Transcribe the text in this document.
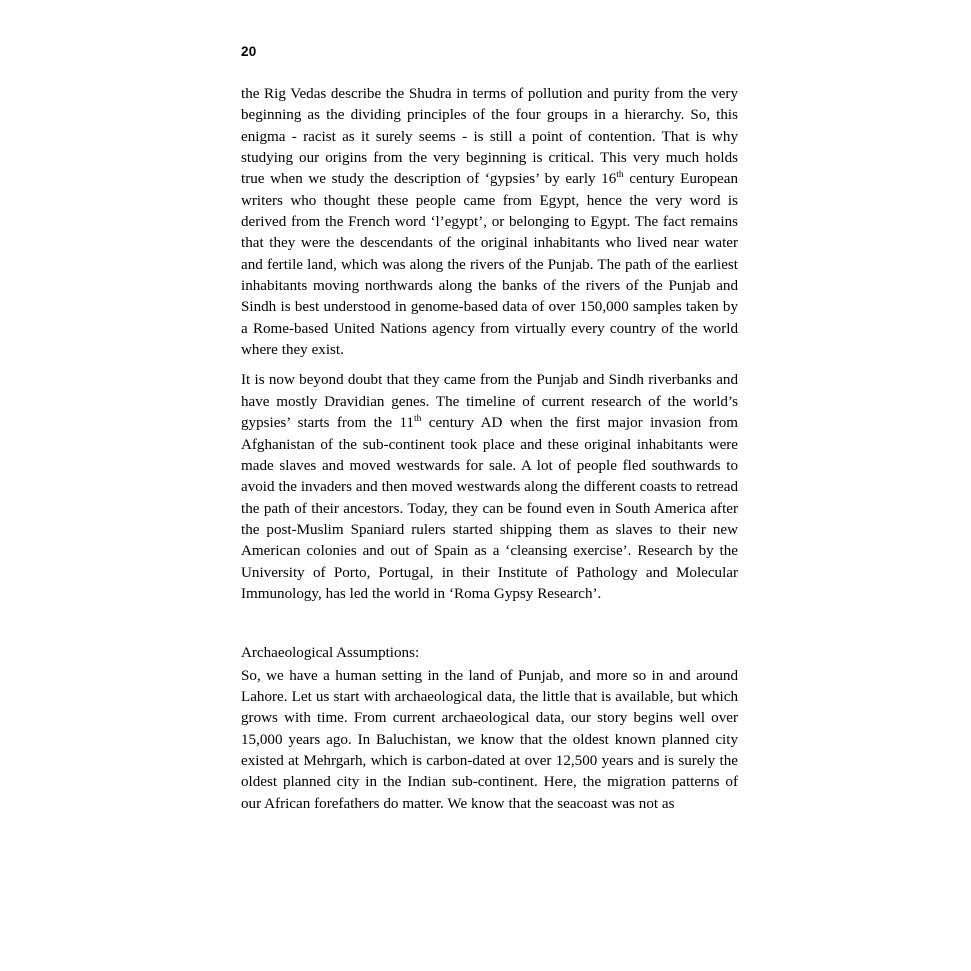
20

the Rig Vedas describe the Shudra in terms of pollution and purity from the very beginning as the dividing principles of the four groups in a hierarchy. So, this enigma - racist as it surely seems - is still a point of contention. That is why studying our origins from the very beginning is critical. This very much holds true when we study the description of ‘gypsies’ by early 16th century European writers who thought these people came from Egypt, hence the very word is derived from the French word ‘l’egypt’, or belonging to Egypt. The fact remains that they were the descendants of the original inhabitants who lived near water and fertile land, which was along the rivers of the Punjab. The path of the earliest inhabitants moving northwards along the banks of the rivers of the Punjab and Sindh is best understood in genome-based data of over 150,000 samples taken by a Rome-based United Nations agency from virtually every country of the world where they exist.

It is now beyond doubt that they came from the Punjab and Sindh riverbanks and have mostly Dravidian genes. The timeline of current research of the world’s gypsies’ starts from the 11th century AD when the first major invasion from Afghanistan of the sub-continent took place and these original inhabitants were made slaves and moved westwards for sale. A lot of people fled southwards to avoid the invaders and then moved westwards along the different coasts to retread the path of their ancestors. Today, they can be found even in South America after the post-Muslim Spaniard rulers started shipping them as slaves to their new American colonies and out of Spain as a ‘cleansing exercise’. Research by the University of Porto, Portugal, in their Institute of Pathology and Molecular Immunology, has led the world in ‘Roma Gypsy Research’.

Archaeological Assumptions:

So, we have a human setting in the land of Punjab, and more so in and around Lahore. Let us start with archaeological data, the little that is available, but which grows with time. From current archaeological data, our story begins well over 15,000 years ago. In Baluchistan, we know that the oldest known planned city existed at Mehrgarh, which is carbon-dated at over 12,500 years and is surely the oldest planned city in the Indian sub-continent. Here, the migration patterns of our African forefathers do matter. We know that the seacoast was not as
